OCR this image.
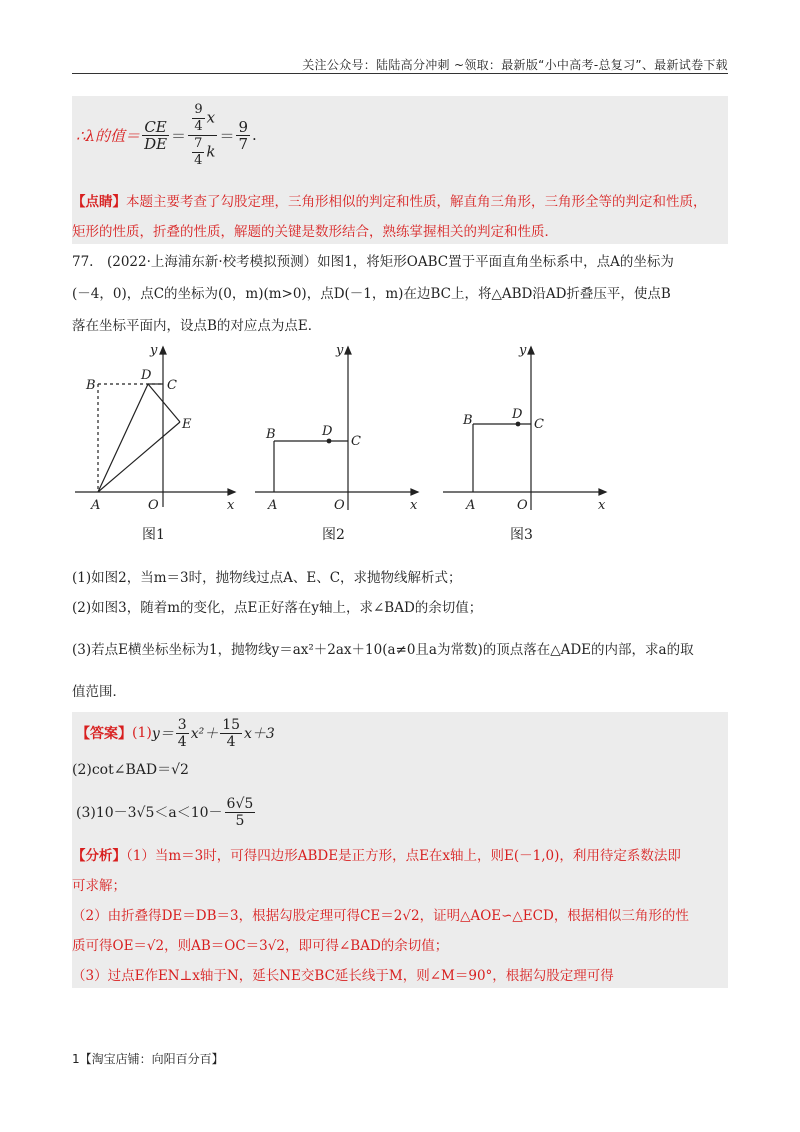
关注公众号：陆陆高分冲刺 ~领取：最新版“小中高考-总复习”、最新试卷下载
∴λ的值＝ $\frac{CE}{DE} = \frac{\frac{9}{4} x}{\frac{7}{4} k} = \frac{9}{7}$ .
【点睛】本题主要考查了勾股定理，三角形相似的判定和性质，解直角三角形，三角形全等的判定和性质，
矩形的性质，折叠的性质，解题的关键是数形结合，熟练掌握相关的判定和性质．
77.　(2022·上海浦东新·校考模拟预测）如图1，将矩形OABC置于平面直角坐标系中，点A的坐标为
(－4，0)，点C的坐标为(0，m)(m>0)，点D(－1，m)在边BC上，将△ABD沿AD折叠压平，使点B
落在坐标平面内，设点B的对应点为点E．
B
D
C
E
A	O	x
y
图1
B	D
C
A	O	x
y
图2
B	D
C
A	O	x
y
图3
(1)如图2，当m＝3时，抛物线过点A、E、C，求抛物线解析式；
(2)如图3，随着m的变化，点E正好落在y轴上，求∠BAD的余切值；
(3)若点E横坐标坐标为1，抛物线y＝ax²＋2ax＋10(a≠0且a为常数)的顶点落在△ADE的内部，求a的取
值范围．
【答案】 (1) $y= \frac{3}{4} x^2+ \frac{15}{4} x+3$
(2)cot∠BAD＝√2
$(3)10-3√5<a<10- \frac{6√5}{5}$
【分析】（1）当m＝3时，可得四边形ABDE是正方形，点E在x轴上，则E(－1,0)，利用待定系数法即
可求解；
（2）由折叠得DE＝DB＝3，根据勾股定理可得CE＝2√2，证明△AOE∽△ECD，根据相似三角形的性
质可得OE＝√2，则AB＝OC＝3√2，即可得∠BAD的余切值；
（3）过点E作EN⊥x轴于N，延长NE交BC延长线于M，则∠M＝90°，根据勾股定理可得
1【淘宝店铺：向阳百分百】
